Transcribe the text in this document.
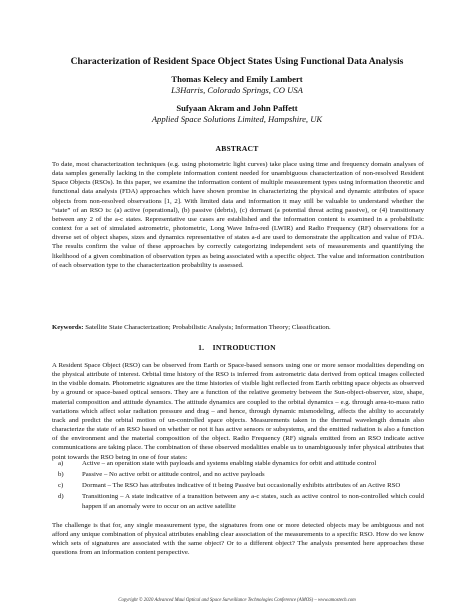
Characterization of Resident Space Object States Using Functional Data Analysis
Thomas Kelecy and Emily Lambert
L3Harris, Colorado Springs, CO USA
Sufyaan Akram and John Paffett
Applied Space Solutions Limited, Hampshire, UK
ABSTRACT

To date, most characterization techniques (e.g. using photometric light curves) take place using time and frequency domain analyses of data samples generally lacking in the complete information content needed for unambiguous characterization of non-resolved Resident Space Objects (RSOs). In this paper, we examine the information content of multiple measurement types using information theoretic and functional data analysis (FDA) approaches which have shown promise in characterizing the physical and dynamic attributes of space objects from non-resolved observations [1, 2]. With limited data and information it may still be valuable to understand whether the “state” of an RSO is: (a) active (operational), (b) passive (debris), (c) dormant (a potential threat acting passive), or (4) transitionary between any 2 of the a-c states. Representative use cases are established and the information content is examined in a probabilistic context for a set of simulated astrometric, photometric, Long Wave Infra-red (LWIR) and Radio Frequency (RF) observations for a diverse set of object shapes, sizes and dynamics representative of states a-d are used to demonstrate the application and value of FDA. The results confirm the value of these approaches by correctly categorizing independent sets of measurements and quantifying the likelihood of a given combination of observation types as being associated with a specific object. The value and information contribution of each observation type to the characterization probability is assessed.

Keywords: Satellite State Characterization; Probabilistic Analysis; Information Theory; Classification.

1.    INTRODUCTION

A Resident Space Object (RSO) can be observed from Earth or Space-based sensors using one or more sensor modalities depending on the physical attribute of interest. Orbital time history of the RSO is inferred from astrometric data derived from optical images collected in the visible domain. Photometric signatures are the time histories of visible light reflected from Earth orbiting space objects as observed by a ground or space-based optical sensors. They are a function of the relative geometry between the Sun-object-observer, size, shape, material composition and attitude dynamics. The attitude dynamics are coupled to the orbital dynamics – e.g. through area-to-mass ratio variations which affect solar radiation pressure and drag – and hence, through dynamic mismodeling, affects the ability to accurately track and predict the orbital motion of un-controlled space objects. Measurements taken in the thermal wavelength domain also characterize the state of an RSO based on whether or not it has active sensors or subsystems, and the emitted radiation is also a function of the environment and the material composition of the object. Radio Frequency (RF) signals emitted from an RSO indicate active communications are taking place. The combination of these observed modalities enable us to unambiguously infer physical attributes that point towards the RSO being in one of four states:

a)	Active – an operation state with payloads and systems enabling stable dynamics for orbit and attitude control
b)	Passive – No active orbit or attitude control, and no active payloads
c)	Dormant – The RSO has attributes indicative of it being Passive but occasionally exhibits attributes of an Active RSO
d)	Transitioning – A state indicative of a transition between any a-c states, such as active control to non-controlled which could happen if an anomaly were to occur on an active satellite

The challenge is that for, any single measurement type, the signatures from one or more detected objects may be ambiguous and not afford any unique combination of physical attributes enabling clear association of the measurements to a specific RSO. How do we know which sets of signatures are associated with the same object? Or to a different object? The analysis presented here approaches these questions from an information content perspective.

Copyright © 2020 Advanced Maui Optical and Space Surveillance Technologies Conference (AMOS) – www.amostech.com
